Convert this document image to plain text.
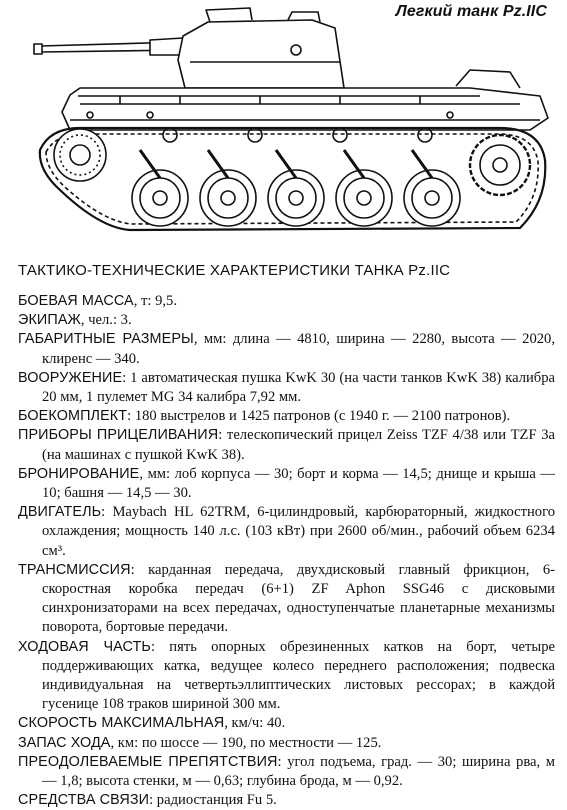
Легкий танк Pz.IIC
ТАКТИКО-ТЕХНИЧЕСКИЕ ХАРАКТЕРИСТИКИ ТАНКА Pz.IIC
БОЕВАЯ МАССА, т: 9,5.
ЭКИПАЖ, чел.: 3.
ГАБАРИТНЫЕ РАЗМЕРЫ, мм: длина — 4810, ширина — 2280, высота — 2020, клиренс — 340.
ВООРУЖЕНИЕ: 1 автоматическая пушка KwK 30 (на части танков KwK 38) калибра 20 мм, 1 пулемет MG 34 калибра 7,92 мм.
БОЕКОМПЛЕКТ: 180 выстрелов и 1425 патронов (с 1940 г. — 2100 патронов).
ПРИБОРЫ ПРИЦЕЛИВАНИЯ: телескопический прицел Zeiss TZF 4/38 или TZF 3a (на машинах с пушкой KwK 38).
БРОНИРОВАНИЕ, мм: лоб корпуса — 30; борт и корма — 14,5; днище и крыша — 10; башня — 14,5 — 30.
ДВИГАТЕЛЬ: Maybach HL 62TRM, 6-цилиндровый, карбюраторный, жидкостного охлаждения; мощность 140 л.с. (103 кВт) при 2600 об/мин., рабочий объем 6234 см³.
ТРАНСМИССИЯ: карданная передача, двухдисковый главный фрикцион, 6-скоростная коробка передач (6+1) ZF Aphon SSG46 с дисковыми синхронизаторами на всех передачах, одноступенчатые планетарные механизмы поворота, бортовые передачи.
ХОДОВАЯ ЧАСТЬ: пять опорных обрезиненных катков на борт, четыре поддерживающих катка, ведущее колесо переднего расположения; подвеска индивидуальная на четвертьэллиптических листовых рессорах; в каждой гусенице 108 траков шириной 300 мм.
СКОРОСТЬ МАКСИМАЛЬНАЯ, км/ч: 40.
ЗАПАС ХОДА, км: по шоссе — 190, по местности — 125.
ПРЕОДОЛЕВАЕМЫЕ ПРЕПЯТСТВИЯ: угол подъема, град. — 30; ширина рва, м — 1,8; высота стенки, м — 0,63; глубина брода, м — 0,92.
СРЕДСТВА СВЯЗИ: радиостанция Fu 5.
